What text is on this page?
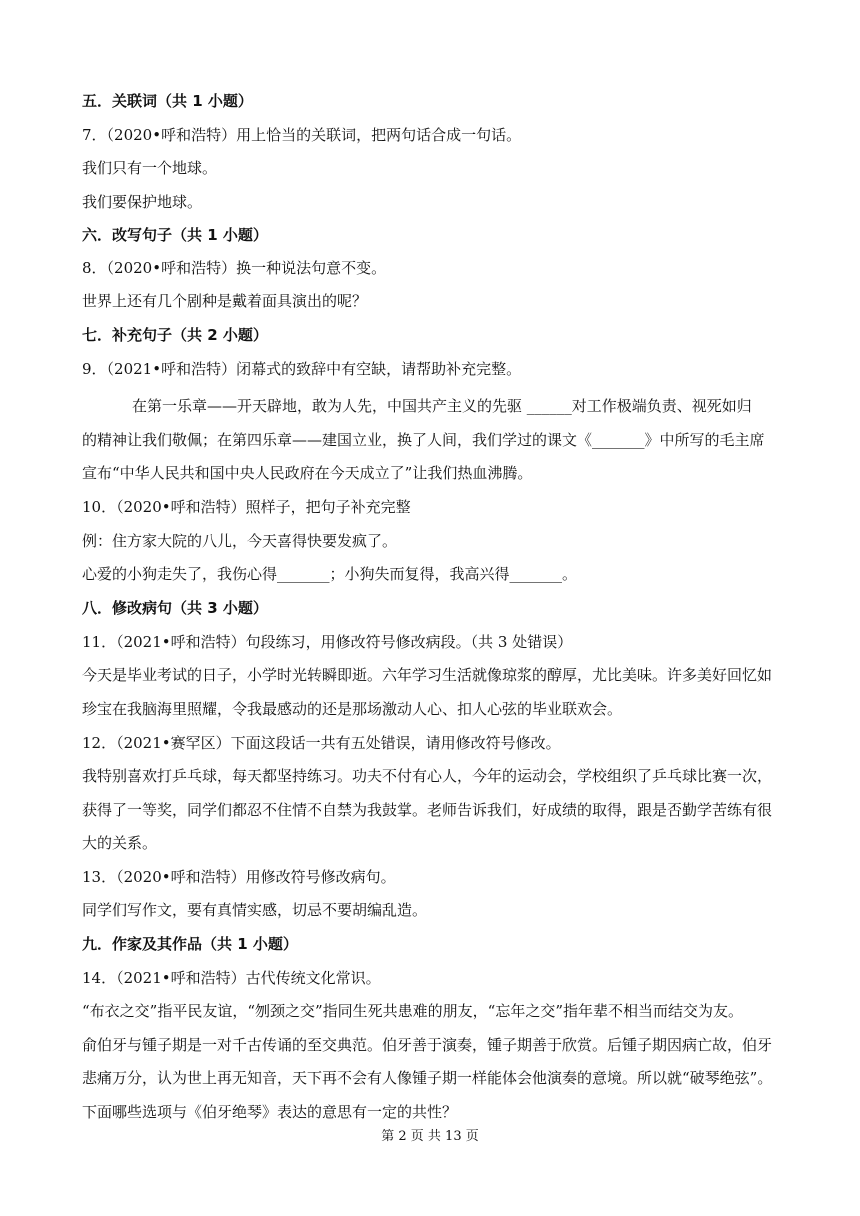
五．关联词（共 1 小题）
7．（2020•呼和浩特）用上恰当的关联词，把两句话合成一句话。
我们只有一个地球。
我们要保护地球。
六．改写句子（共 1 小题）
8．（2020•呼和浩特）换一种说法句意不变。
世界上还有几个剧种是戴着面具演出的呢？
七．补充句子（共 2 小题）
9．（2021•呼和浩特）闭幕式的致辞中有空缺，请帮助补充完整。
在第一乐章——开天辟地，敢为人先，中国共产主义的先驱 ______对工作极端负责、视死如归
的精神让我们敬佩；在第四乐章——建国立业，换了人间，我们学过的课文《_______》中所写的毛主席
宣布“中华人民共和国中央人民政府在今天成立了”让我们热血沸腾。
10．（2020•呼和浩特）照样子，把句子补充完整
例：住方家大院的八儿，今天喜得快要发疯了。
心爱的小狗走失了，我伤心得_______；小狗失而复得，我高兴得_______。
八．修改病句（共 3 小题）
11．（2021•呼和浩特）句段练习，用修改符号修改病段。（共 3 处错误）
今天是毕业考试的日子，小学时光转瞬即逝。六年学习生活就像琼浆的醇厚，尤比美味。许多美好回忆如
珍宝在我脑海里照耀，令我最感动的还是那场激动人心、扣人心弦的毕业联欢会。
12．（2021•赛罕区）下面这段话一共有五处错误，请用修改符号修改。
我特别喜欢打乒乓球，每天都坚持练习。功夫不付有心人，今年的运动会，学校组织了乒乓球比赛一次，
获得了一等奖，同学们都忍不住情不自禁为我鼓掌。老师告诉我们，好成绩的取得，跟是否勤学苦练有很
大的关系。
13．（2020•呼和浩特）用修改符号修改病句。
同学们写作文，要有真情实感，切忌不要胡编乱造。
九．作家及其作品（共 1 小题）
14．（2021•呼和浩特）古代传统文化常识。
“布衣之交”指平民友谊，“刎颈之交”指同生死共患难的朋友，“忘年之交”指年辈不相当而结交为友。
俞伯牙与锺子期是一对千古传诵的至交典范。伯牙善于演奏，锺子期善于欣赏。后锺子期因病亡故，伯牙
悲痛万分，认为世上再无知音，天下再不会有人像锺子期一样能体会他演奏的意境。所以就“破琴绝弦”。
下面哪些选项与《伯牙绝琴》表达的意思有一定的共性？
第 2 页 共 13 页
